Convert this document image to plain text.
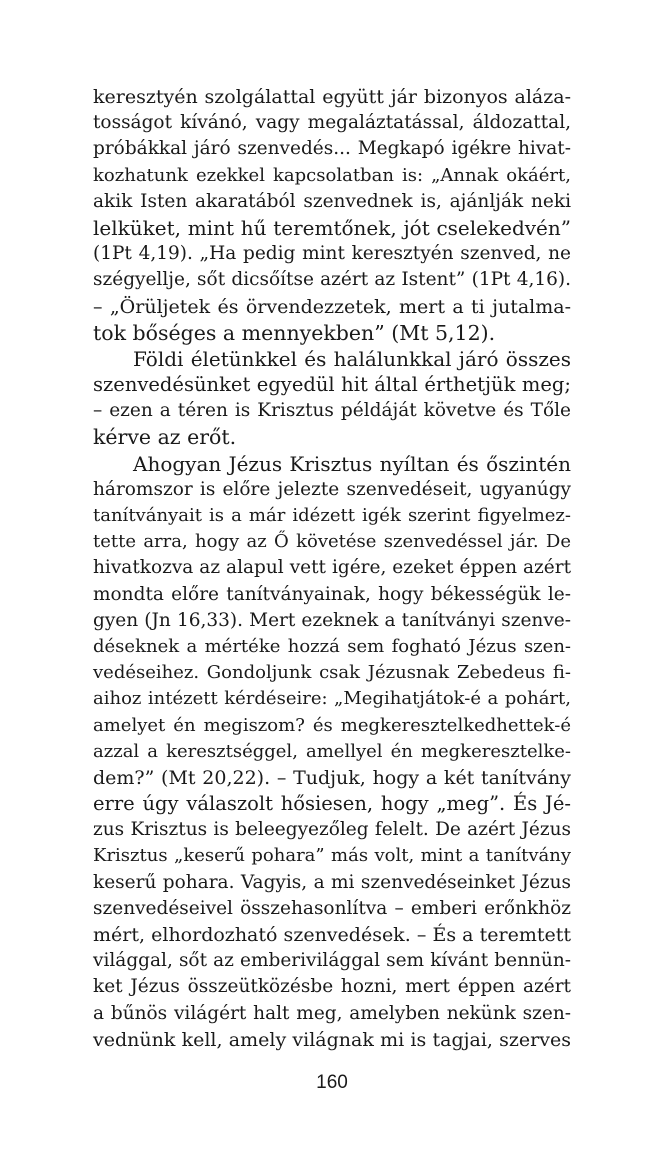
keresztyén szolgálattal együtt jár bizonyos aláza-
tosságot kívánó, vagy megaláztatással, áldozattal,
próbákkal járó szenvedés... Megkapó igékre hivat-
kozhatunk ezekkel kapcsolatban is: „Annak okáért,
akik Isten akaratából szenvednek is, ajánlják neki
lelküket, mint hű teremtőnek, jót cselekedvén”
(1Pt 4,19). „Ha pedig mint keresztyén szenved, ne
szégyellje, sőt dicsőítse azért az Istent” (1Pt 4,16).
– „Örüljetek és örvendezzetek, mert a ti jutalma-
tok bőséges a mennyekben” (Mt 5,12).
Földi életünkkel és halálunkkal járó összes
szenvedésünket egyedül hit által érthetjük meg;
– ezen a téren is Krisztus példáját követve és Tőle
kérve az erőt.
Ahogyan Jézus Krisztus nyíltan és őszintén
háromszor is előre jelezte szenvedéseit, ugyanúgy
tanítványait is a már idézett igék szerint figyelmez-
tette arra, hogy az Ő követése szenvedéssel jár. De
hivatkozva az alapul vett igére, ezeket éppen azért
mondta előre tanítványainak, hogy békességük le-
gyen (Jn 16,33). Mert ezeknek a tanítványi szenve-
déseknek a mértéke hozzá sem fogható Jézus szen-
vedéseihez. Gondoljunk csak Jézusnak Zebedeus fi-
aihoz intézett kérdéseire: „Megihatjátok-é a pohárt,
amelyet én megiszom? és megkeresztelkedhettek-é
azzal a keresztséggel, amellyel én megkeresztelke-
dem?” (Mt 20,22). – Tudjuk, hogy a két tanítvány
erre úgy válaszolt hősiesen, hogy „meg”. És Jé-
zus Krisztus is beleegyezőleg felelt. De azért Jézus
Krisztus „keserű pohara” más volt, mint a tanítvány
keserű pohara. Vagyis, a mi szenvedéseinket Jézus
szenvedéseivel összehasonlítva – emberi erőnkhöz
mért, elhordozható szenvedések. – És a teremtett
világgal, sőt az emberivilággal sem kívánt bennün-
ket Jézus összeütközésbe hozni, mert éppen azért
a bűnös világért halt meg, amelyben nekünk szen-
vednünk kell, amely világnak mi is tagjai, szerves
160
